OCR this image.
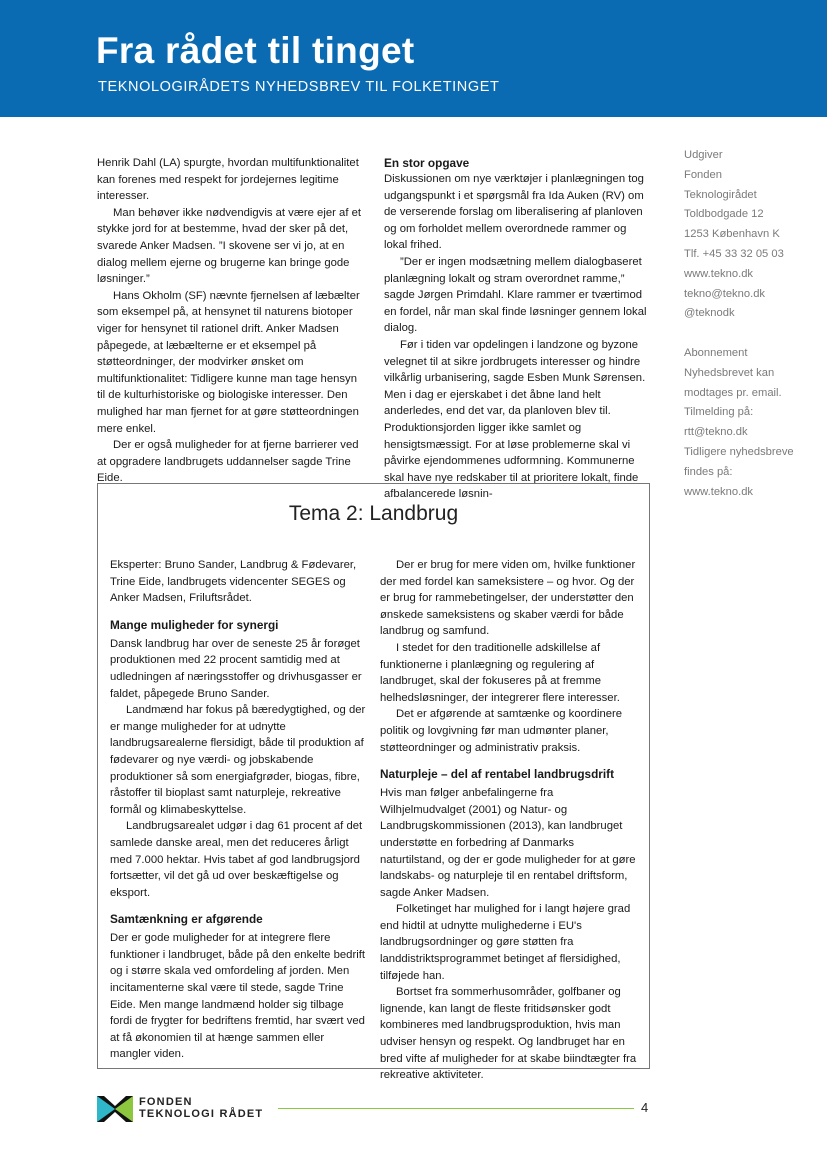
Fra rådet til tinget
TEKNOLOGIRÅDETS NYHEDSBREV TIL FOLKETINGET

Henrik Dahl (LA) spurgte, hvordan multifunktionalitet kan forenes med respekt for jordejernes legitime interesser.

Man behøver ikke nødvendigvis at være ejer af et stykke jord for at bestemme, hvad der sker på det, svarede Anker Madsen. ”I skovene ser vi jo, at en dialog mellem ejerne og brugerne kan bringe gode løsninger.”

Hans Okholm (SF) nævnte fjernelsen af læbælter som eksempel på, at hensynet til naturens biotoper viger for hensynet til rationel drift. Anker Madsen påpegede, at læbælterne er et eksempel på støtteordninger, der modvirker ønsket om multifunktionalitet: Tidligere kunne man tage hensyn til de kulturhistoriske og biologiske interesser. Den mulighed har man fjernet for at gøre støtteordningen mere enkel.

Der er også muligheder for at fjerne barrierer ved at opgradere landbrugets uddannelser sagde Trine Eide.

En stor opgave

Diskussionen om nye værktøjer i planlægningen tog udgangspunkt i et spørgsmål fra Ida Auken (RV) om de verserende forslag om liberalisering af planloven og om forholdet mellem overordnede rammer og lokal frihed.

”Der er ingen modsætning mellem dialogbaseret planlægning lokalt og stram overordnet ramme,” sagde Jørgen Primdahl. Klare rammer er tværtimod en fordel, når man skal finde løsninger gennem lokal dialog.

Før i tiden var opdelingen i landzone og byzone velegnet til at sikre jordbrugets interesser og hindre vilkårlig urbanisering, sagde Esben Munk Sørensen. Men i dag er ejerskabet i det åbne land helt anderledes, end det var, da planloven blev til. Produktionsjorden ligger ikke samlet og hensigtsmæssigt. For at løse problemerne skal vi påvirke ejendommenes udformning. Kommunerne skal have nye redskaber til at prioritere lokalt, finde afbalancerede løsnin-

Udgiver
Fonden
Teknologirådet
Toldbodgade 12
1253 København K
Tlf. +45 33 32 05 03
www.tekno.dk
tekno@tekno.dk
@teknodk
Abonnement
Nyhedsbrevet kan
modtages pr. email.
Tilmelding på:
rtt@tekno.dk
Tidligere nyhedsbreve
findes på:
www.tekno.dk
Tema 2: Landbrug

Eksperter: Bruno Sander, Landbrug & Fødevarer, Trine Eide, landbrugets videncenter SEGES og Anker Madsen, Friluftsrådet.

Mange muligheder for synergi

Dansk landbrug har over de seneste 25 år forøget produktionen med 22 procent samtidig med at udledningen af næringsstoffer og drivhusgasser er faldet, påpegede Bruno Sander.

Landmænd har fokus på bæredygtighed, og der er mange muligheder for at udnytte landbrugsarealerne flersidigt, både til produktion af fødevarer og nye værdi- og jobskabende produktioner så som energiafgrøder, biogas, fibre, råstoffer til bioplast samt naturpleje, rekreative formål og klimabeskyttelse.

Landbrugsarealet udgør i dag 61 procent af det samlede danske areal, men det reduceres årligt med 7.000 hektar. Hvis tabet af god landbrugsjord fortsætter, vil det gå ud over beskæftigelse og eksport.

Samtænkning er afgørende

Der er gode muligheder for at integrere flere funktioner i landbruget, både på den enkelte bedrift og i større skala ved omfordeling af jorden. Men incitamenterne skal være til stede, sagde Trine Eide. Men mange landmænd holder sig tilbage fordi de frygter for bedriftens fremtid, har svært ved at få økonomien til at hænge sammen eller mangler viden.

Der er brug for mere viden om, hvilke funktioner der med fordel kan sameksistere – og hvor. Og der er brug for rammebetingelser, der understøtter den ønskede sameksistens og skaber værdi for både landbrug og samfund.

I stedet for den traditionelle adskillelse af funktionerne i planlægning og regulering af landbruget, skal der fokuseres på at fremme helhedsløsninger, der integrerer flere interesser.

Det er afgørende at samtænke og koordinere politik og lovgivning før man udmønter planer, støtteordninger og administrativ praksis.

Naturpleje – del af rentabel landbrugsdrift

Hvis man følger anbefalingerne fra Wilhjelmudvalget (2001) og Natur- og Landbrugskommissionen (2013), kan landbruget understøtte en forbedring af Danmarks naturtilstand, og der er gode muligheder for at gøre landskabs- og naturpleje til en rentabel driftsform, sagde Anker Madsen.

Folketinget har mulighed for i langt højere grad end hidtil at udnytte mulighederne i EU's landbrugsordninger og gøre støtten fra landdistriktsprogrammet betinget af flersidighed, tilføjede han.

Bortset fra sommerhusområder, golfbaner og lignende, kan langt de fleste fritidsønsker godt kombineres med landbrugsproduktion, hvis man udviser hensyn og respekt. Og landbruget har en bred vifte af muligheder for at skabe biindtægter fra rekreative aktiviteter.

FONDEN
TEKNOLOGI RÅDET	4
